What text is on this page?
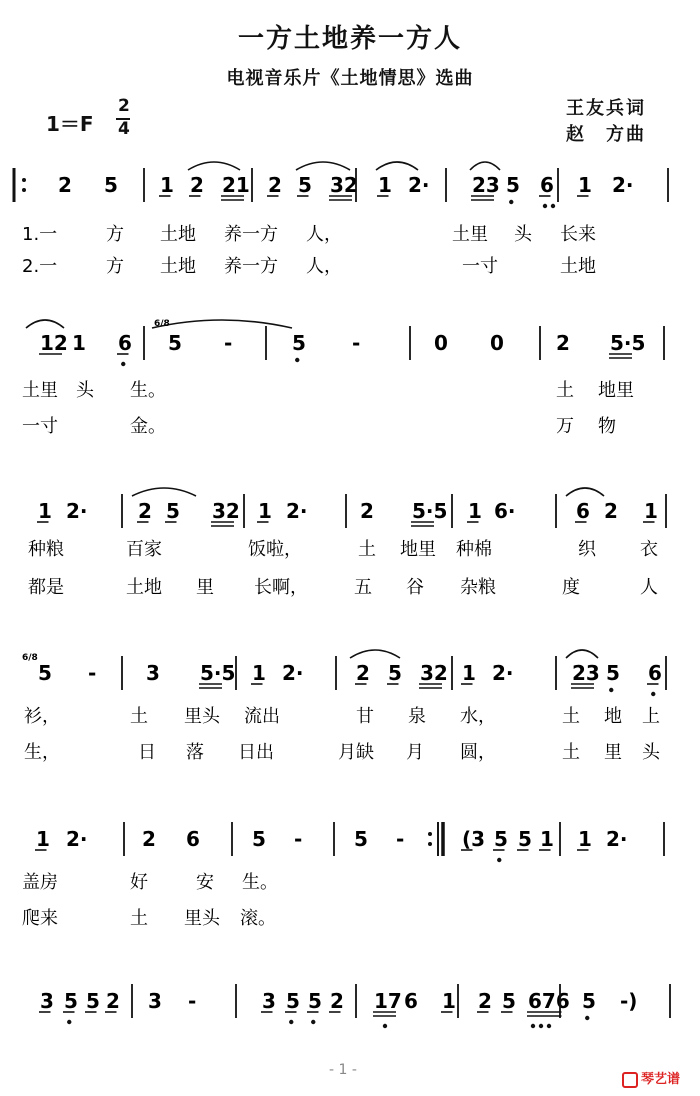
一方土地养一方人
电视音乐片《土地情思》选曲
1＝F
2
4
王友兵词
赵　方曲
2 5 1 2 21 2 5 32 1 2· 23 5 6 1 2·
1.一	方 土地 养一方 人，	土里 头 长来
2.一	方 土地 养一方 人，	一寸	土地
12 1 6 5 -	5 -	0 0	2 5·5
土里 头 生。	土 地里
一寸	金。	万 物
1 2·	2 5 32 1 2·	2 5·5 1 6·	6 2 1
种粮	百家	饭啦，	土 地里 种棉	织 衣
都是	土地 里 长啊，	五 谷 杂粮	度	人
5 - 3 5·5 1 2·	2 5 32 1 2·	23 5 6
衫，	土 里头 流出	甘 泉 水，	土 地 上
生，	日 落 日出	月缺 月 圆，	土 里 头
1 2·	2 6	5 -	5 -	(3 5 5 1 1 2·
盖房	好	安 生。
爬来	土 里头 滚。
3 5 5 2 3 -	3 5 5 2 17 6 1 2 5 676 5 -)
6/8
6/8
- 1 -
琴艺谱
